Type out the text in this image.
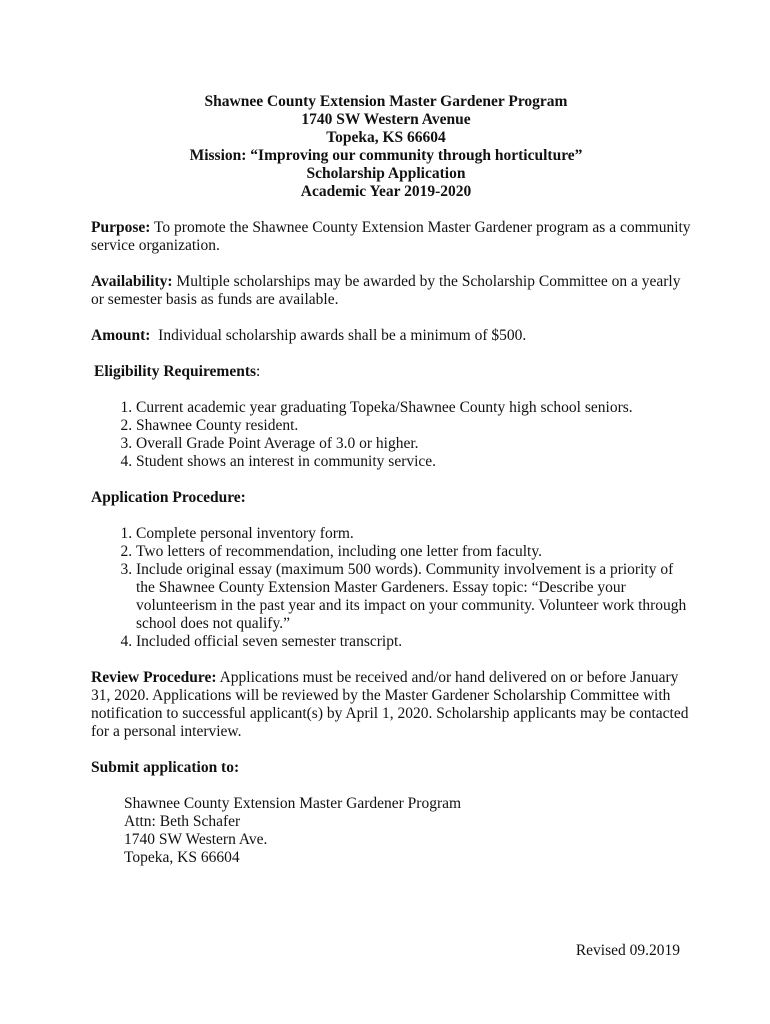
Shawnee County Extension Master Gardener Program
1740 SW Western Avenue
Topeka, KS 66604
Mission: “Improving our community through horticulture”
Scholarship Application
Academic Year 2019-2020

Purpose: To promote the Shawnee County Extension Master Gardener program as a community service organization.

Availability: Multiple scholarships may be awarded by the Scholarship Committee on a yearly or semester basis as funds are available.

Amount:  Individual scholarship awards shall be a minimum of $500.

Eligibility Requirements:

1. Current academic year graduating Topeka/Shawnee County high school seniors.
2. Shawnee County resident.
3. Overall Grade Point Average of 3.0 or higher.
4. Student shows an interest in community service.

Application Procedure:

1. Complete personal inventory form.
2. Two letters of recommendation, including one letter from faculty.
3. Include original essay (maximum 500 words). Community involvement is a priority of the Shawnee County Extension Master Gardeners. Essay topic: “Describe your volunteerism in the past year and its impact on your community. Volunteer work through school does not qualify.”
4. Included official seven semester transcript.

Review Procedure: Applications must be received and/or hand delivered on or before January 31, 2020. Applications will be reviewed by the Master Gardener Scholarship Committee with notification to successful applicant(s) by April 1, 2020. Scholarship applicants may be contacted for a personal interview.

Submit application to:

Shawnee County Extension Master Gardener Program
Attn: Beth Schafer
1740 SW Western Ave.
Topeka, KS 66604
Revised 09.2019
